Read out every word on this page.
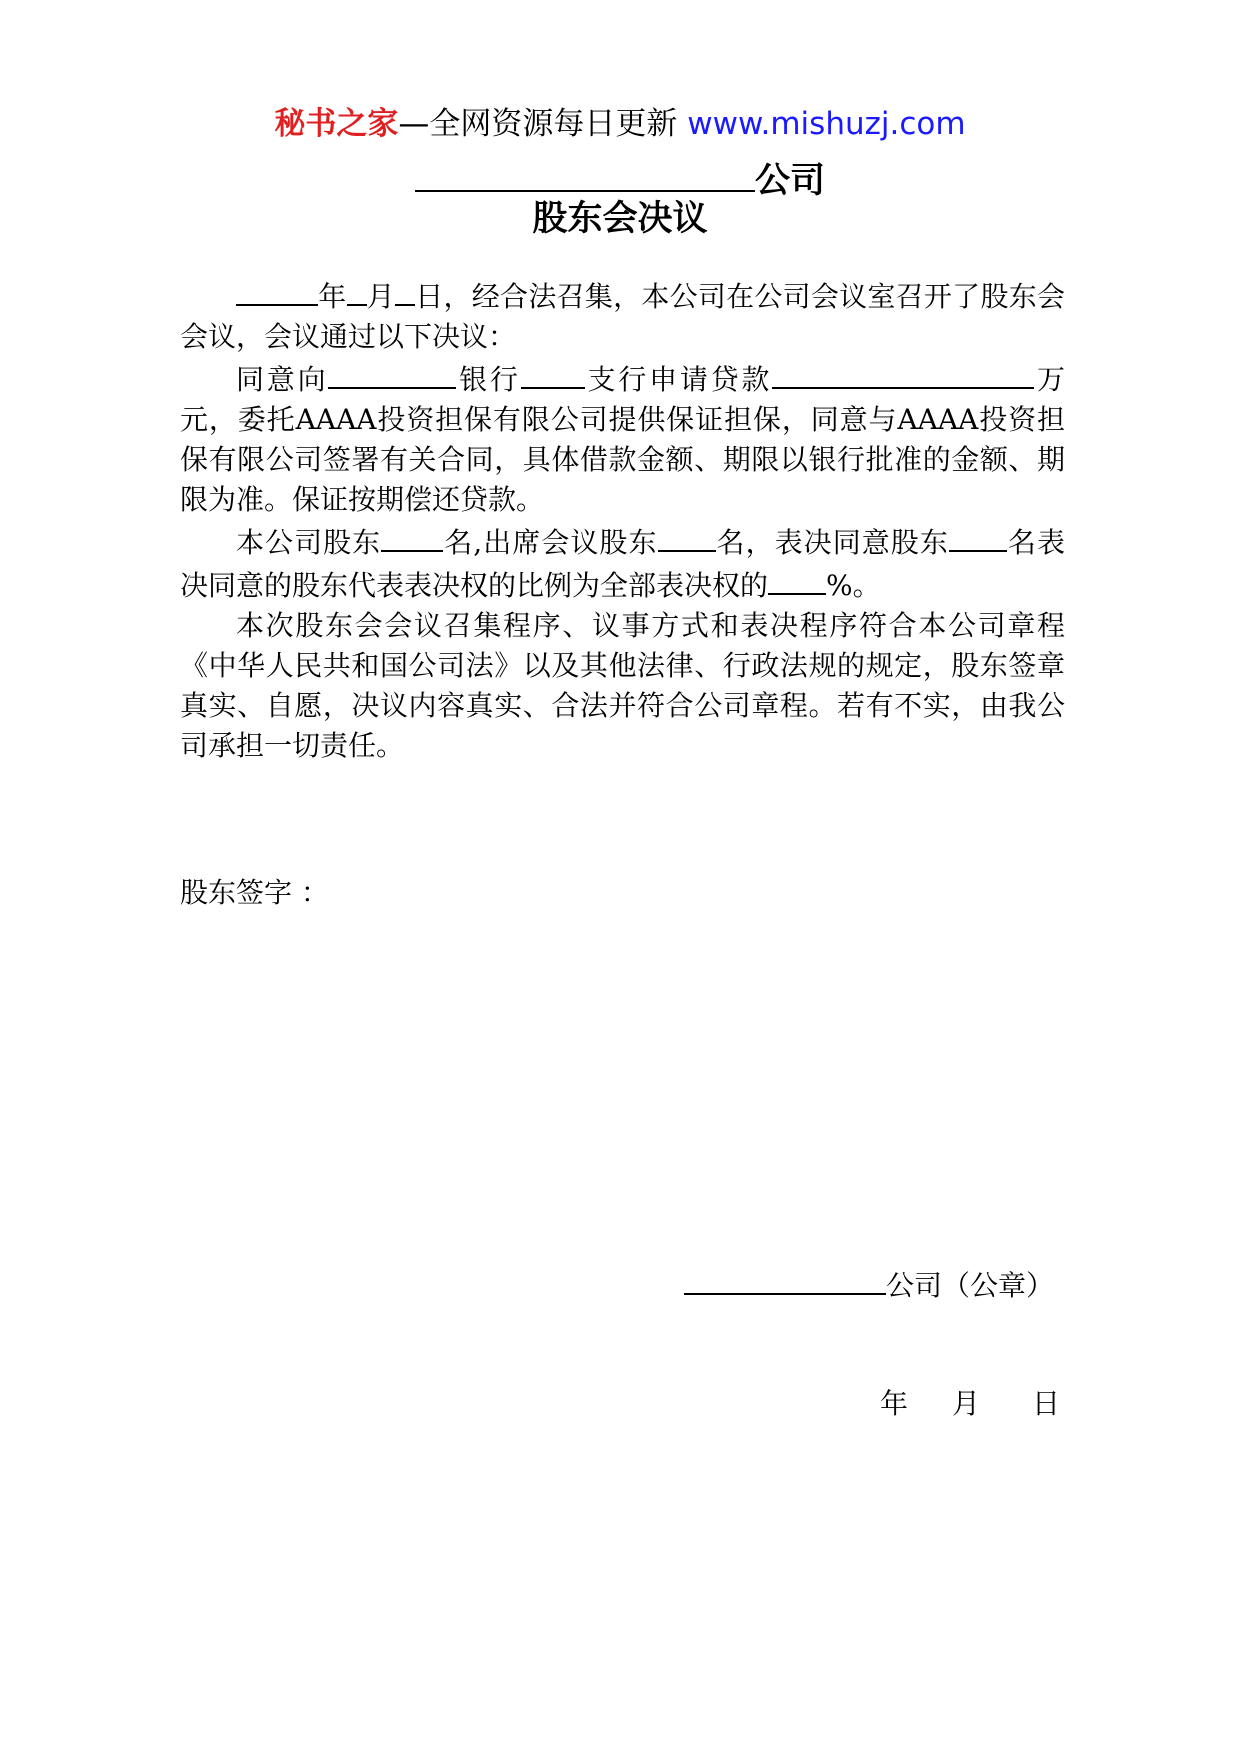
秘书之家—全网资源每日更新 www.mishuzj.com
公司
股东会决议

年 月 日，经合法召集，本公司在公司会议室召开了股东会会议，会议通过以下决议：

同意向	银行 支行申请贷款	万元，委托AAAA投资担保有限公司提供保证担保，同意与AAAA投资担保有限公司签署有关合同，具体借款金额、期限以银行批准的金额、期限为准。保证按期偿还贷款。

本公司股东 名,出席会议股东 名，表决同意股东 名表决同意的股东代表表决权的比例为全部表决权的 %。

本次股东会会议召集程序、议事方式和表决程序符合本公司章程《中华人民共和国公司法》以及其他法律、行政法规的规定，股东签章真实、自愿，决议内容真实、合法并符合公司章程。若有不实，由我公司承担一切责任。

股东签字 ：
公司（公章）
年 月 日
